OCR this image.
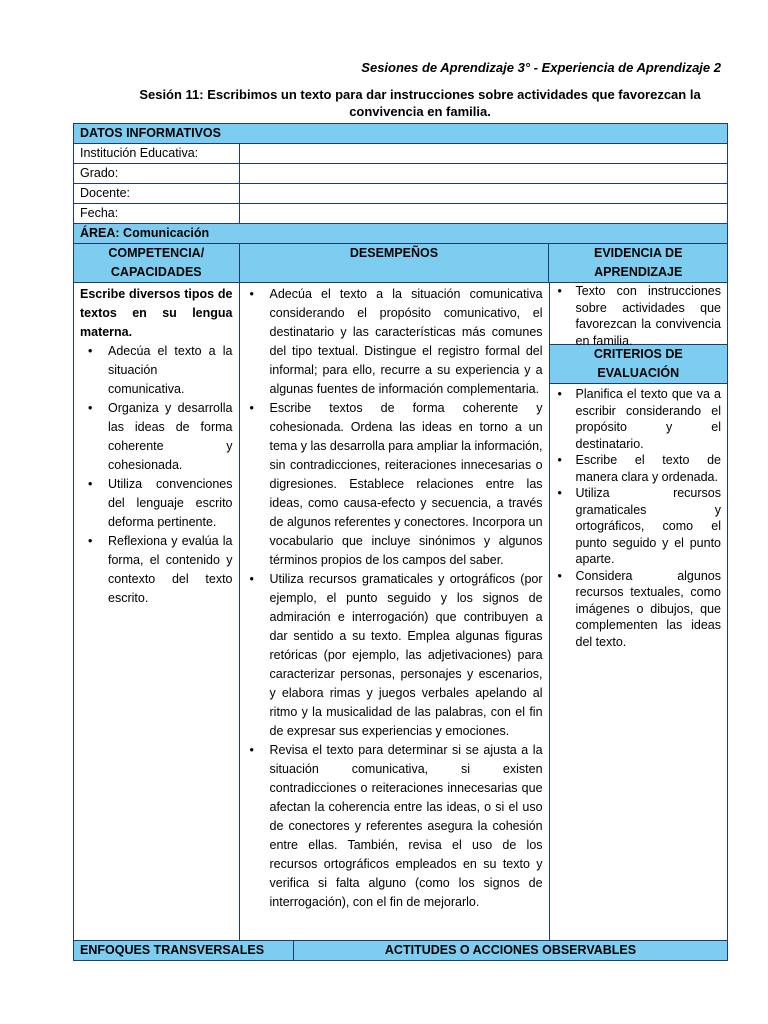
Sesiones de Aprendizaje 3° - Experiencia de Aprendizaje 2
Sesión 11: Escribimos un texto para dar instrucciones sobre actividades que favorezcan la convivencia en familia.
DATOS INFORMATIVOS
Institución Educativa:
Grado:
Docente:
Fecha:
ÁREA: Comunicación
COMPETENCIA/ CAPACIDADES
DESEMPEÑOS	EVIDENCIA DE APRENDIZAJE
Escribe diversos tipos de textos en su lengua materna.
• Adecúa el texto a la situación comunicativa.
• Organiza y desarrolla las ideas de forma coherente y cohesionada.
• Utiliza convenciones del lenguaje escrito deforma pertinente.
• Reflexiona y evalúa la forma, el contenido y contexto del texto escrito.
• Adecúa el texto a la situación comunicativa considerando el propósito comunicativo, el destinatario y las características más comunes del tipo textual. Distingue el registro formal del informal; para ello, recurre a su experiencia y a algunas fuentes de información complementaria.
• Escribe textos de forma coherente y cohesionada. Ordena las ideas en torno a un tema y las desarrolla para ampliar la información, sin contradicciones, reiteraciones innecesarias o digresiones. Establece relaciones entre las ideas, como causa-efecto y secuencia, a través de algunos referentes y conectores. Incorpora un vocabulario que incluye sinónimos y algunos términos propios de los campos del saber.
• Utiliza recursos gramaticales y ortográficos (por ejemplo, el punto seguido y los signos de admiración e interrogación) que contribuyen a dar sentido a su texto. Emplea algunas figuras retóricas (por ejemplo, las adjetivaciones) para caracterizar personas, personajes y escenarios, y elabora rimas y juegos verbales apelando al ritmo y la musicalidad de las palabras, con el fin de expresar sus experiencias y emociones.
• Revisa el texto para determinar si se ajusta a la situación comunicativa, si existen contradicciones o reiteraciones innecesarias que afectan la coherencia entre las ideas, o si el uso de conectores y referentes asegura la cohesión entre ellas. También, revisa el uso de los recursos ortográficos empleados en su texto y verifica si falta alguno (como los signos de interrogación), con el fin de mejorarlo.
• Texto con instrucciones sobre actividades que favorezcan la convivencia en familia.
CRITERIOS DE EVALUACIÓN
• Planifica el texto que va a escribir considerando el propósito y el destinatario.
• Escribe el texto de manera clara y ordenada.
• Utiliza recursos gramaticales y ortográficos, como el punto seguido y el punto aparte.
• Considera algunos recursos textuales, como imágenes o dibujos, que complementen las ideas del texto.
ENFOQUES TRANSVERSALES	ACTITUDES O ACCIONES OBSERVABLES
